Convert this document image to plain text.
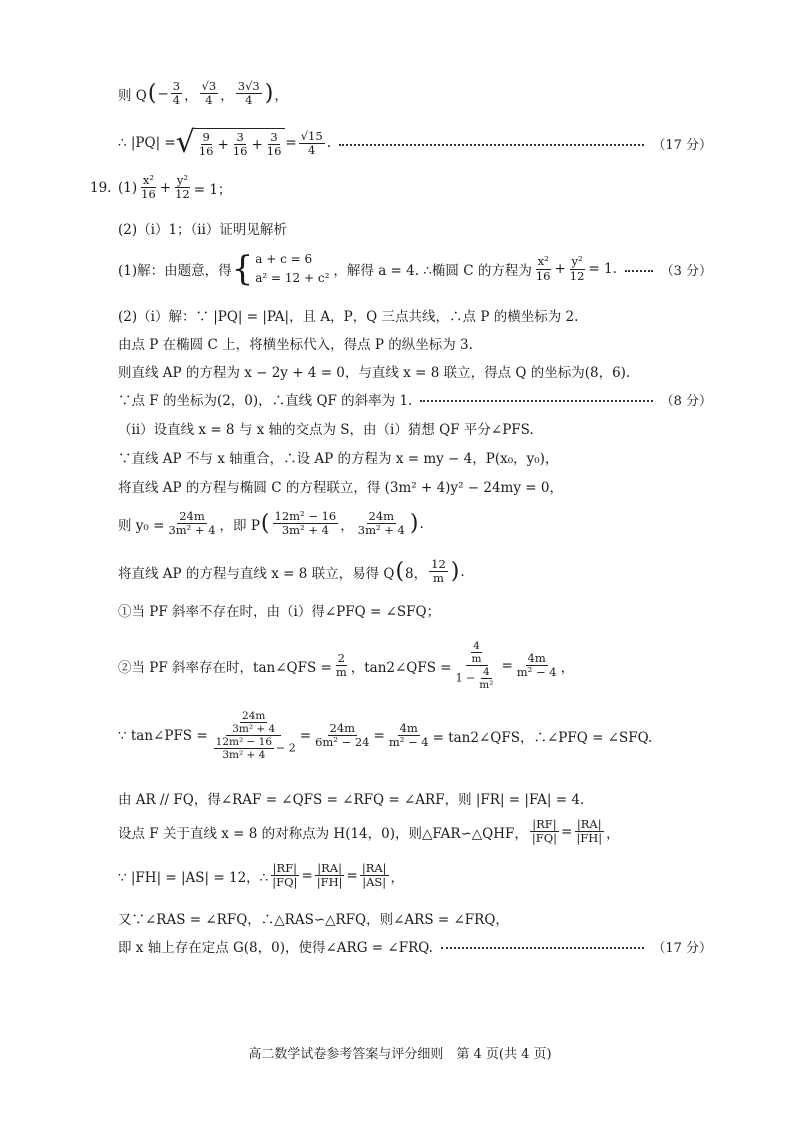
则 Q ( − $\frac{3}{4}$ ， $\frac{√3}{4}$ ， $\frac{3√3}{4}$ ) ，
∴ |PQ| = √ $\frac{9}{16} + \frac{3}{16} + \frac{3}{16} = \frac{√15}{4}$ .	（17 分）
19. $(1) \frac{\text{x²}}{16} + \frac{\text{y²}}{12} = 1$；
(2)（ⅰ）1；（ⅱ）证明见解析
(1)解：由题意，得 { a + c = 6
a² = 12 + c² ，解得 a = 4. ∴椭圆 C 的方程为 $\frac{\text{x²}}{16} + \frac{\text{y²}}{12} = 1$.	（3 分）
(2)（ⅰ）解：∵ |PQ| = |PA|，且 A，P，Q 三点共线，∴点 P 的横坐标为 2.
由点 P 在椭圆 C 上，将横坐标代入，得点 P 的纵坐标为 3.
则直线 AP 的方程为 x − 2y + 4 = 0，与直线 x = 8 联立，得点 Q 的坐标为(8，6).
∵点 F 的坐标为(2，0)，∴直线 QF 的斜率为 1.	（8 分）
（ⅱ）设直线 x = 8 与 x 轴的交点为 S，由（ⅰ）猜想 QF 平分∠PFS.
∵直线 AP 不与 x 轴重合，∴设 AP 的方程为 x = my − 4，P(x₀，y₀)，
将直线 AP 的方程与椭圆 C 的方程联立，得 (3m² + 4)y² − 24my = 0，
则 $y_0 = \frac{24m}{\text{3m² + 4}}$ ，即 P ( $\frac{\text{12m² − 16}}{\text{3m² + 4}}$ ， $\frac{24m}{\text{3m² + 4}}$ ) .
将直线 AP 的方程与直线 x = 8 联立，易得 Q ( 8， $\frac{12}{m}$ ) .
①当 PF 斜率不存在时，由（ⅰ）得∠PFQ = ∠SFQ；
②当 PF 斜率存在时，tan∠QFS = $\frac{2}{m}$ ，tan2∠QFS = $\frac{\frac{4}{m}}{1 - \frac{4}{\text{m²}}} = \frac{4m}{\text{m² − 4}}$ ，
∵ tan∠PFS = $\frac{\frac{24m}{\text{3m² + 4}}}{\frac{\text{12m² − 16}}{\text{3m² + 4}} - 2} = \frac{24m}{\text{6m² − 24}} = \frac{4m}{\text{m² − 4}}$ = tan2∠QFS，∴∠PFQ = ∠SFQ.
由 AR // FQ，得∠RAF = ∠QFS = ∠RFQ = ∠ARF，则 |FR| = |FA| = 4.
设点 F 关于直线 x = 8 的对称点为 H(14，0)，则△FAR∽△QHF， $\frac{|RF|}{|FQ|} = \frac{|RA|}{|FH|}$ ，
∵ |FH| = |AS| = 12，∴ $\frac{|RF|}{|FQ|} = \frac{|RA|}{|FH|} = \frac{|RA|}{|AS|}$ ，
又∵∠RAS = ∠RFQ，∴△RAS∽△RFQ，则∠ARS = ∠FRQ，
即 x 轴上存在定点 G(8，0)，使得∠ARG = ∠FRQ.	（17 分）
高二数学试卷参考答案与评分细则　第 4 页(共 4 页)
